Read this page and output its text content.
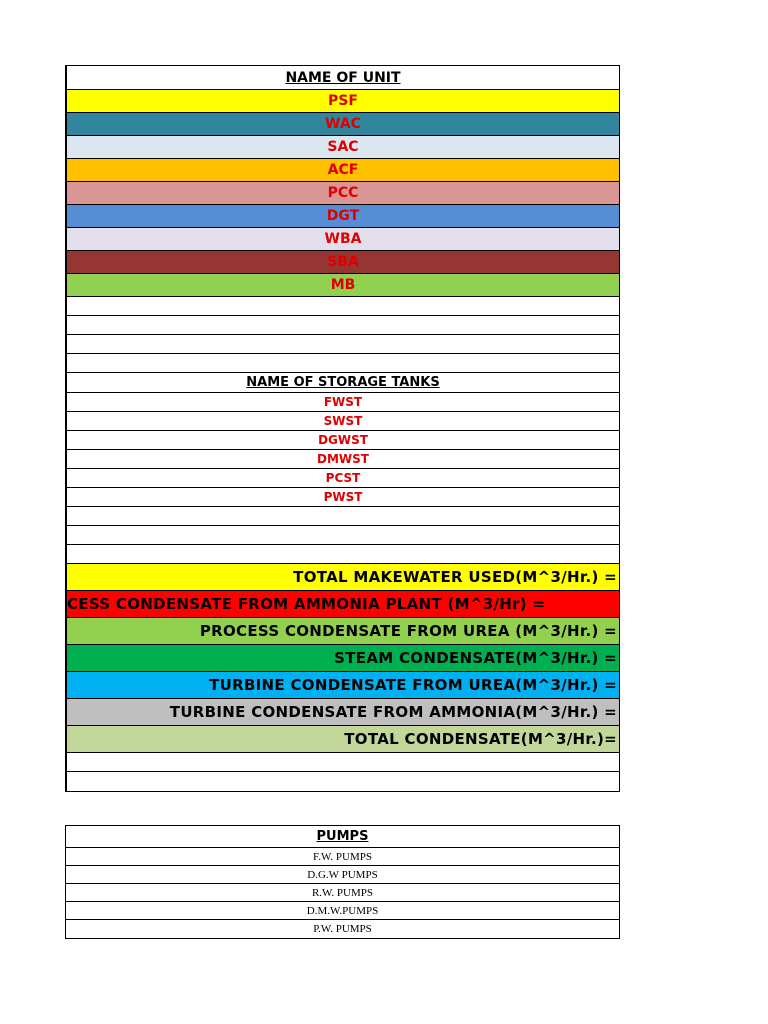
NAME OF UNIT
PSF
WAC
SAC
ACF
PCC
DGT
WBA
SBA
MB
NAME OF STORAGE TANKS
FWST
SWST
DGWST
DMWST
PCST
PWST
TOTAL MAKEWATER USED(M^3/Hr.) =
CESS CONDENSATE FROM AMMONIA PLANT (M^3/Hr) =
PROCESS CONDENSATE FROM UREA (M^3/Hr.) =
STEAM CONDENSATE(M^3/Hr.) =
TURBINE CONDENSATE FROM UREA(M^3/Hr.) =
TURBINE CONDENSATE FROM AMMONIA(M^3/Hr.) =
TOTAL CONDENSATE(M^3/Hr.)=
PUMPS
F.W. PUMPS
D.G.W PUMPS
R.W. PUMPS
D.M.W.PUMPS
P.W. PUMPS
